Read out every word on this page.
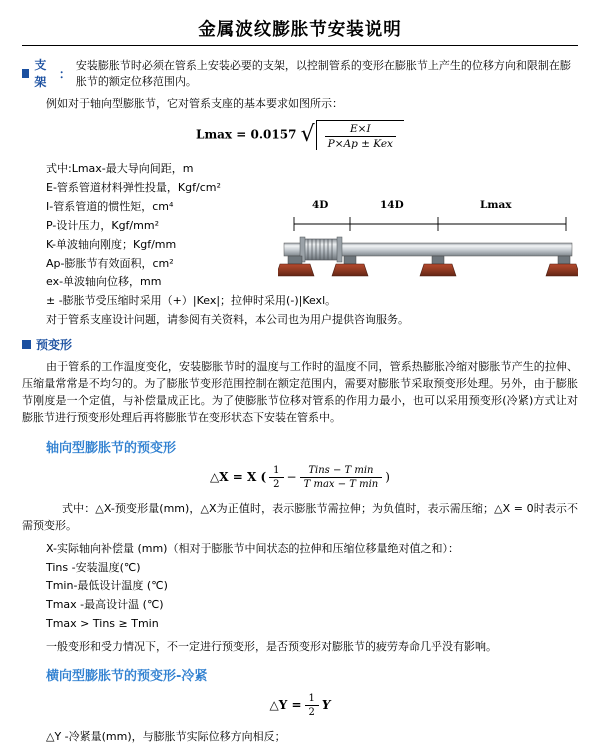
金属波纹膨胀节安装说明
支架
：
安装膨胀节时必须在管系上安装必要的支架，以控制管系的变形在膨胀节上产生的位移方向和限制在膨胀节的额定位移范围内。

例如对于轴向型膨胀节，它对管系支座的基本要求如图所示：

Lmax = 0.0157 √ $\frac{E\times I}{\text{P×Ap ± Kex}}$
式中:Lmax-最大导向间距，m
E-管系管道材料弹性投量，Kgf/cm²
I-管系管道的惯性矩，cm⁴
P-设计压力，Kgf/mm²
K-单波轴向刚度；Kgf/mm
Ap-膨胀节有效面积，cm²
ex-单波轴向位移，mm
± -膨胀节受压缩时采用（+）|Kex|；拉伸时采用(-)|Kexl。
4D	14D	Lmax

对于管系支座设计问题，请参阅有关资料，本公司也为用户提供咨询服务。

预变形

由于管系的工作温度变化，安装膨胀节时的温度与工作时的温度不同，管系热膨胀冷缩对膨胀节产生的拉伸、压缩量常常是不均匀的。为了膨胀节变形范围控制在额定范围内，需要对膨胀节采取预变形处理。另外，由于膨胀节刚度是一个定值，与补偿量成正比。为了使膨胀节位移对管系的作用力最小，也可以采用预变形(冷紧)方式让对膨胀节进行预变形处理后再将膨胀节在变形状态下安装在管系中。

轴向型膨胀节的预变形
△X = X ( $\frac{1}{2} - \frac{\text{Tins − T min}}{\text{T max − T min}}$ )

式中：△X-预变形量(mm)，△X为正值时，表示膨胀节需拉伸；为负值时，表示需压缩；△X = 0时表示不需预变形。

X-实际轴向补偿量 (mm)（相对于膨胀节中间状态的拉伸和压缩位移量绝对值之和）：
Tins -安装温度(℃)
Tmin-最低设计温度 (℃)
Tmax -最高设计温 (℃)
Tmax > Tins ≥ Tmin

一般变形和受力情况下，不一定进行预变形，是否预变形对膨胀节的疲劳寿命几乎没有影响。

横向型膨胀节的预变形-冷紧
△Y = $\frac{1}{2}$ Y

△Y -冷紧量(mm)，与膨胀节实际位移方向相反；
